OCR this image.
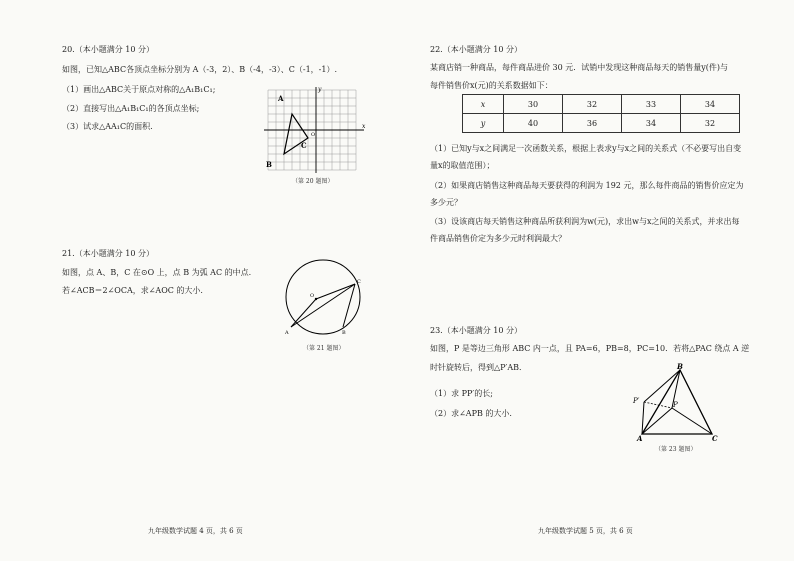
20.（本小题满分 10 分）

如图，已知△ABC各顶点坐标分别为 A（-3，2）、B（-4，-3）、C（-1，-1）.

（1）画出△ABC关于原点对称的△A₁B₁C₁;

（2）直接写出△A₁B₁C₁的各顶点坐标;

（3）试求△AA₁C的面积.

A
B
C
x
y
O

（第 20 题图）

21.（本小题满分 10 分）

如图，点 A、B，C 在⊙O 上，点 B 为弧 AC 的中点.

若∠ACB＝2∠OCA，求∠AOC 的大小.

A	B
C
O

（第 21 题图）

九年级数学试题 4 页，共 6 页

22.（本小题满分 10 分）

某商店销一种商品，每件商品进价 30 元．试销中发现这种商品每天的销售量y(件)与

每件销售价x(元)的关系数据如下：

x	30	32	33	34
y	40	36	34	32

（1）已知y与x之间满足一次函数关系，根据上表求y与x之间的关系式（不必要写出自变

量x的取值范围）；

（2）如果商店销售这种商品每天要获得的利润为 192 元，那么每件商品的销售价应定为

多少元？

（3）设该商店每天销售这种商品所获利润为w(元)，求出w与x之间的关系式，并求出每

件商品销售价定为多少元时利润最大？

23.（本小题满分 10 分）

如图，P 是等边三角形 ABC 内一点，且 PA=6，PB=8，PC=10．若将△PAC 绕点 A 逆

时针旋转后，得到△P′AB．

（1）求 PP′的长;

（2）求∠APB 的大小.

A
B
C
P
P′

（第 23 题图）

九年级数学试题 5 页，共 6 页
